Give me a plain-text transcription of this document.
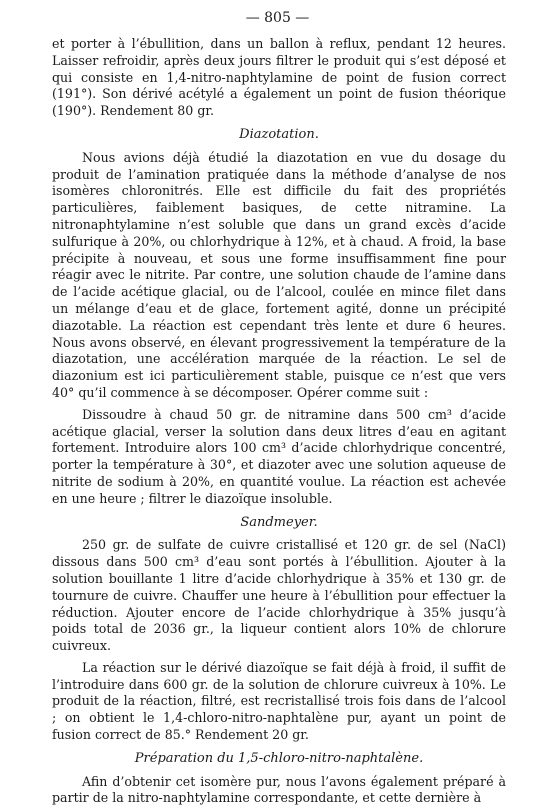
— 805 —

et porter à l’ébullition, dans un ballon à reflux, pendant 12 heures. Laisser refroidir, après deux jours filtrer le produit qui s’est déposé et qui consiste en 1,4-nitro-naphtylamine de point de fusion correct (191°). Son dérivé acétylé a également un point de fusion théorique (190°). Rendement 80 gr.

Diazotation.

Nous avions déjà étudié la diazotation en vue du dosage du produit de l’amination pratiquée dans la méthode d’analyse de nos isomères chloronitrés. Elle est difficile du fait des propriétés particulières, faiblement basiques, de cette nitramine. La nitronaphtylamine n’est soluble que dans un grand excès d’acide sulfurique à 20%, ou chlorhydrique à 12%, et à chaud. A froid, la base précipite à nouveau, et sous une forme insuffisamment fine pour réagir avec le nitrite. Par contre, une solution chaude de l’amine dans de l’acide acétique glacial, ou de l’alcool, coulée en mince filet dans un mélange d’eau et de glace, fortement agité, donne un précipité diazotable. La réaction est cependant très lente et dure 6 heures. Nous avons observé, en élevant progressivement la température de la diazotation, une accélération marquée de la réaction. Le sel de diazonium est ici particulièrement stable, puisque ce n’est que vers 40° qu’il commence à se décomposer. Opérer comme suit :

Dissoudre à chaud 50 gr. de nitramine dans 500 cm³ d’acide acétique glacial, verser la solution dans deux litres d’eau en agitant fortement. Introduire alors 100 cm³ d’acide chlorhydrique concentré, porter la température à 30°, et diazoter avec une solution aqueuse de nitrite de sodium à 20%, en quantité voulue. La réaction est achevée en une heure ; filtrer le diazoïque insoluble.

Sandmeyer.

250 gr. de sulfate de cuivre cristallisé et 120 gr. de sel (NaCl) dissous dans 500 cm³ d’eau sont portés à l’ébullition. Ajouter à la solution bouillante 1 litre d’acide chlorhydrique à 35% et 130 gr. de tournure de cuivre. Chauffer une heure à l’ébullition pour effectuer la réduction. Ajouter encore de l’acide chlorhydrique à 35% jusqu’à poids total de 2036 gr., la liqueur contient alors 10% de chlorure cuivreux.

La réaction sur le dérivé diazoïque se fait déjà à froid, il suffit de l’introduire dans 600 gr. de la solution de chlorure cuivreux à 10%. Le produit de la réaction, filtré, est recristallisé trois fois dans de l’alcool ; on obtient le 1,4-chloro-nitro-naphtalène pur, ayant un point de fusion correct de 85.° Rendement 20 gr.

Préparation du 1,5-chloro-nitro-naphtalène.

Afin d’obtenir cet isomère pur, nous l’avons également préparé à partir de la nitro-naphtylamine correspondante, et cette dernière à
